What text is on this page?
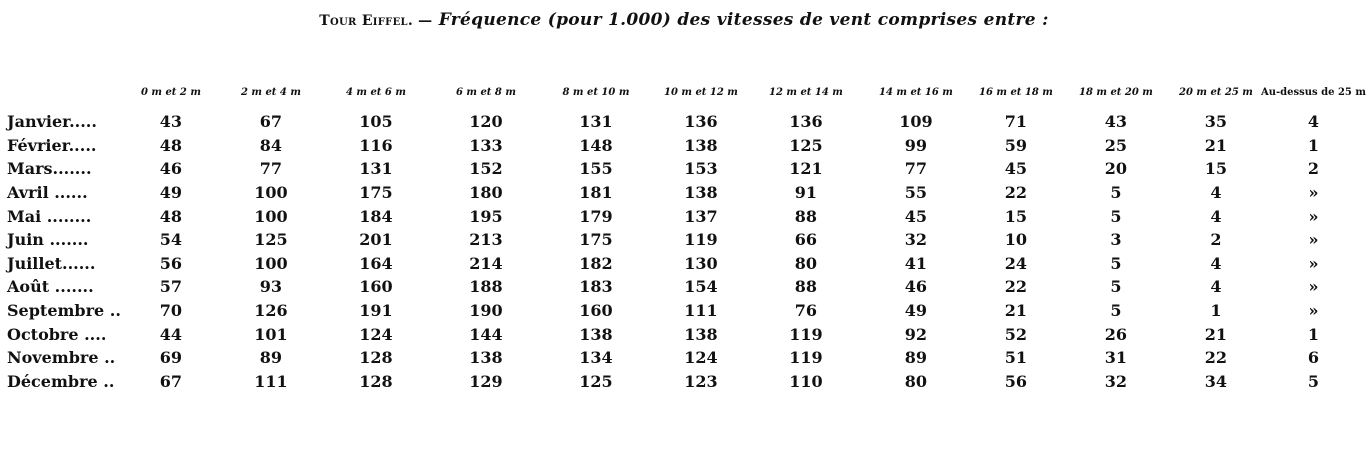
Tour Eiffel. — Fréquence (pour 1.000) des vitesses de vent comprises entre :
	0 m et 2 m	2 m et 4 m	4 m et 6 m	6 m et 8 m	8 m et 10 m	10 m et 12 m	12 m et 14 m	14 m et 16 m	16 m et 18 m	18 m et 20 m	20 m et 25 m	Au-dessus de 25 m
Janvier.....	43	67	105	120	131	136	136	109	71	43	35	4
Février.....	48	84	116	133	148	138	125	99	59	25	21	1
Mars.......	46	77	131	152	155	153	121	77	45	20	15	2
Avril ......	49	100	175	180	181	138	91	55	22	5	4	»
Mai ........	48	100	184	195	179	137	88	45	15	5	4	»
Juin .......	54	125	201	213	175	119	66	32	10	3	2	»
Juillet......	56	100	164	214	182	130	80	41	24	5	4	»
Août .......	57	93	160	188	183	154	88	46	22	5	4	»
Septembre ..	70	126	191	190	160	111	76	49	21	5	1	»
Octobre ....	44	101	124	144	138	138	119	92	52	26	21	1
Novembre ..	69	89	128	138	134	124	119	89	51	31	22	6
Décembre ..	67	111	128	129	125	123	110	80	56	32	34	5
